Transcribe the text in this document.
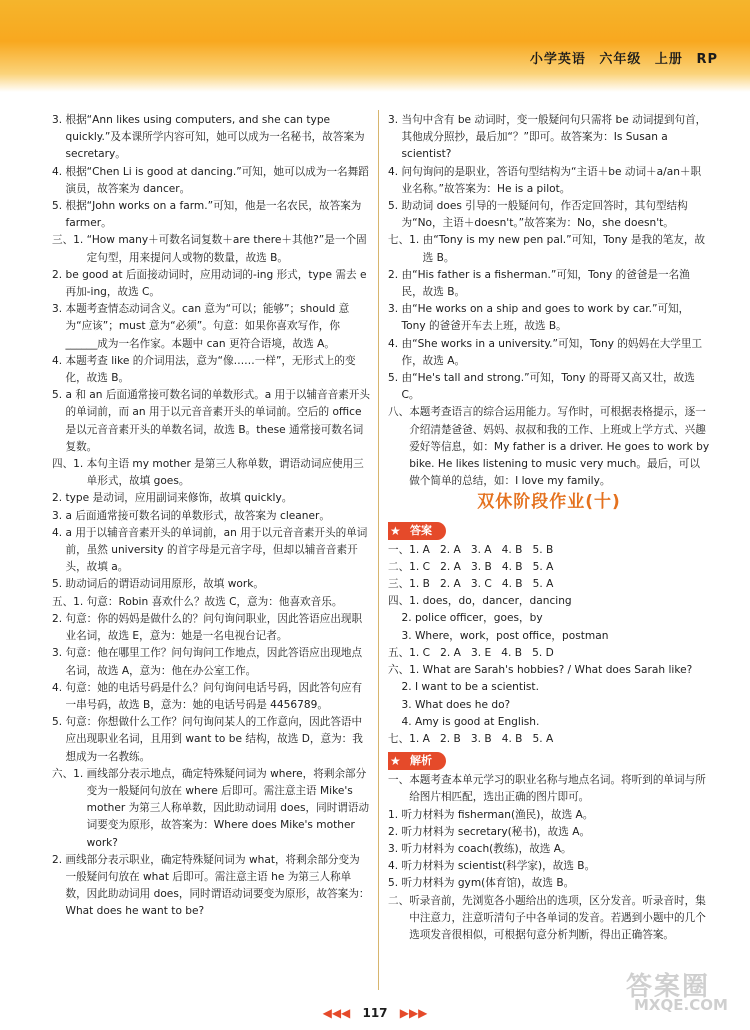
小学英语 六年级 上册 RP
3. 根据“Ann likes using computers, and she can type quickly.”及本课所学内容可知，她可以成为一名秘书，故答案为 secretary。
4. 根据“Chen Li is good at dancing.”可知，她可以成为一名舞蹈演员，故答案为 dancer。
5. 根据“John works on a farm.”可知，他是一名农民，故答案为 farmer。
三、1. “How many＋可数名词复数＋are there＋其他?”是一个固定句型，用来提问人或物的数量，故选 B。
2. be good at 后面接动词时，应用动词的-ing 形式，type 需去 e 再加-ing，故选 C。
3. 本题考查情态动词含义。can 意为“可以；能够”；should 意为“应该”；must 意为“必须”。句意：如果你喜欢写作，你______成为一名作家。本题中 can 更符合语境，故选 A。
4. 本题考查 like 的介词用法，意为“像……一样”，无形式上的变化，故选 B。
5. a 和 an 后面通常接可数名词的单数形式。a 用于以辅音音素开头的单词前，而 an 用于以元音音素开头的单词前。空后的 office 是以元音音素开头的单数名词，故选 B。these 通常接可数名词复数。
四、1. 本句主语 my mother 是第三人称单数，谓语动词应使用三单形式，故填 goes。
2. type 是动词，应用副词来修饰，故填 quickly。
3. a 后面通常接可数名词的单数形式，故答案为 cleaner。
4. a 用于以辅音音素开头的单词前，an 用于以元音音素开头的单词前，虽然 university 的首字母是元音字母，但却以辅音音素开头，故填 a。
5. 助动词后的谓语动词用原形，故填 work。
五、1. 句意：Robin 喜欢什么？故选 C，意为：他喜欢音乐。
2. 句意：你的妈妈是做什么的？问句询问职业，因此答语应出现职业名词，故选 E，意为：她是一名电视台记者。
3. 句意：他在哪里工作？问句询问工作地点，因此答语应出现地点名词，故选 A，意为：他在办公室工作。
4. 句意：她的电话号码是什么？问句询问电话号码，因此答句应有一串号码，故选 B，意为：她的电话号码是 4456789。
5. 句意：你想做什么工作？问句询问某人的工作意向，因此答语中应出现职业名词，且用到 want to be 结构，故选 D，意为：我想成为一名教练。
六、1. 画线部分表示地点，确定特殊疑问词为 where，将剩余部分变为一般疑问句放在 where 后即可。需注意主语 Mike's mother 为第三人称单数，因此助动词用 does，同时谓语动词要变为原形，故答案为：Where does Mike's mother work?
2. 画线部分表示职业，确定特殊疑问词为 what，将剩余部分变为一般疑问句放在 what 后即可。需注意主语 he 为第三人称单数，因此助动词用 does，同时谓语动词要变为原形，故答案为：What does he want to be?
3. 当句中含有 be 动词时，变一般疑问句只需将 be 动词提到句首，其他成分照抄，最后加“？”即可。故答案为：Is Susan a scientist?
4. 问句询问的是职业，答语句型结构为“主语＋be 动词＋a/an＋职业名称。”故答案为：He is a pilot。
5. 助动词 does 引导的一般疑问句，作否定回答时，其句型结构为“No，主语＋doesn't。”故答案为：No，she doesn't。
七、1. 由“Tony is my new pen pal.”可知，Tony 是我的笔友，故选 B。
2. 由“His father is a fisherman.”可知，Tony 的爸爸是一名渔民，故选 B。
3. 由“He works on a ship and goes to work by car.”可知，Tony 的爸爸开车去上班，故选 B。
4. 由“She works in a university.”可知，Tony 的妈妈在大学里工作，故选 A。
5. 由“He's tall and strong.”可知，Tony 的哥哥又高又壮，故选 C。
八、 本题考查语言的综合运用能力。写作时，可根据表格提示，逐一介绍清楚爸爸、妈妈、叔叔和我的工作、上班或上学方式、兴趣爱好等信息，如：My father is a driver. He goes to work by bike. He likes listening to music very much。最后，可以做个简单的总结，如：I love my family。
双休阶段作业(十)
★ 答案
一、1. A   2. A   3. A   4. B   5. B
二、1. C   2. A   3. B   4. B   5. A
三、1. B   2. A   3. C   4. B   5. A
四、1. does，do，dancer，dancing
2. police officer，goes，by
3. Where，work，post office，postman
五、1. C   2. A   3. E   4. B   5. D
六、1. What are Sarah's hobbies? / What does Sarah like?
2. I want to be a scientist.
3. What does he do?
4. Amy is good at English.
七、1. A   2. B   3. B   4. B   5. A
★ 解析
一、 本题考查本单元学习的职业名称与地点名词。将听到的单词与所给图片相匹配，选出正确的图片即可。
1. 听力材料为 fisherman(渔民)，故选 A。
2. 听力材料为 secretary(秘书)，故选 A。
3. 听力材料为 coach(教练)，故选 A。
4. 听力材料为 scientist(科学家)，故选 B。
5. 听力材料为 gym(体育馆)，故选 B。
二、 听录音前，先浏览各小题给出的选项，区分发音。听录音时，集中注意力，注意听清句子中各单词的发音。若遇到小题中的几个选项发音很相似，可根据句意分析判断，得出正确答案。
◀◀◀ 117 ▶▶▶
答案圈
MXQE.COM
